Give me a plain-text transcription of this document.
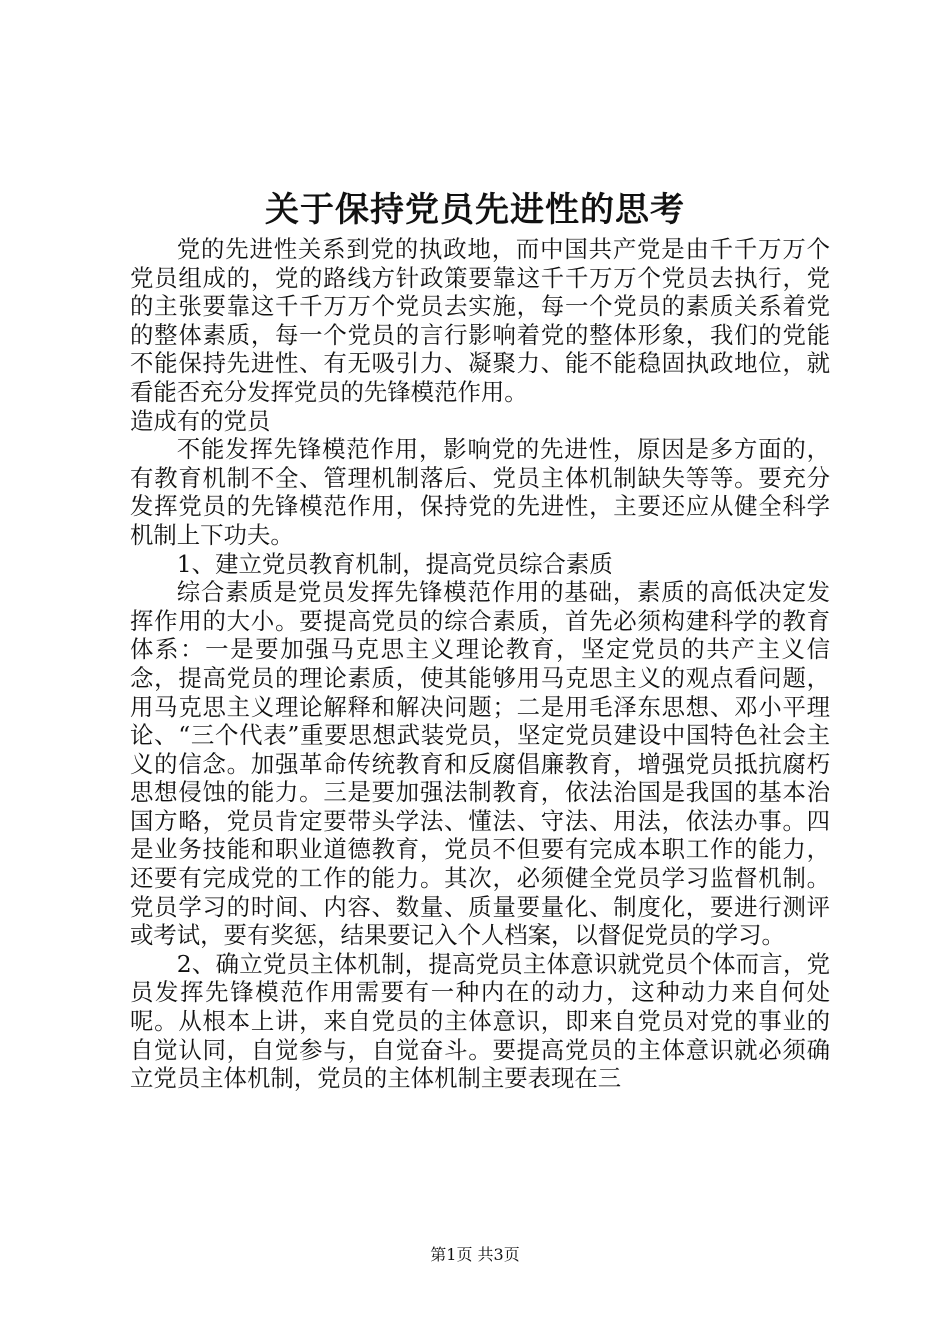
关于保持党员先进性的思考

党的先进性关系到党的执政地，而中国共产党是由千千万万个党员组成的，党的路线方针政策要靠这千千万万个党员去执行，党的主张要靠这千千万万个党员去实施，每一个党员的素质关系着党的整体素质，每一个党员的言行影响着党的整体形象，我们的党能不能保持先进性、有无吸引力、凝聚力、能不能稳固执政地位，就看能否充分发挥党员的先锋模范作用。

造成有的党员

不能发挥先锋模范作用，影响党的先进性，原因是多方面的，有教育机制不全、管理机制落后、党员主体机制缺失等等。要充分发挥党员的先锋模范作用，保持党的先进性，主要还应从健全科学机制上下功夫。

1、建立党员教育机制，提高党员综合素质

综合素质是党员发挥先锋模范作用的基础，素质的高低决定发挥作用的大小。要提高党员的综合素质，首先必须构建科学的教育体系：一是要加强马克思主义理论教育，坚定党员的共产主义信念，提高党员的理论素质，使其能够用马克思主义的观点看问题，用马克思主义理论解释和解决问题；二是用毛泽东思想、邓小平理论、“三个代表”重要思想武装党员，坚定党员建设中国特色社会主义的信念。加强革命传统教育和反腐倡廉教育，增强党员抵抗腐朽思想侵蚀的能力。三是要加强法制教育，依法治国是我国的基本治国方略，党员肯定要带头学法、懂法、守法、用法，依法办事。四是业务技能和职业道德教育，党员不但要有完成本职工作的能力，还要有完成党的工作的能力。其次，必须健全党员学习监督机制。党员学习的时间、内容、数量、质量要量化、制度化，要进行测评或考试，要有奖惩，结果要记入个人档案，以督促党员的学习。

2、确立党员主体机制，提高党员主体意识就党员个体而言，党员发挥先锋模范作用需要有一种内在的动力，这种动力来自何处呢。从根本上讲，来自党员的主体意识，即来自党员对党的事业的自觉认同，自觉参与，自觉奋斗。要提高党员的主体意识就必须确立党员主体机制，党员的主体机制主要表现在三

第1页 共3页
